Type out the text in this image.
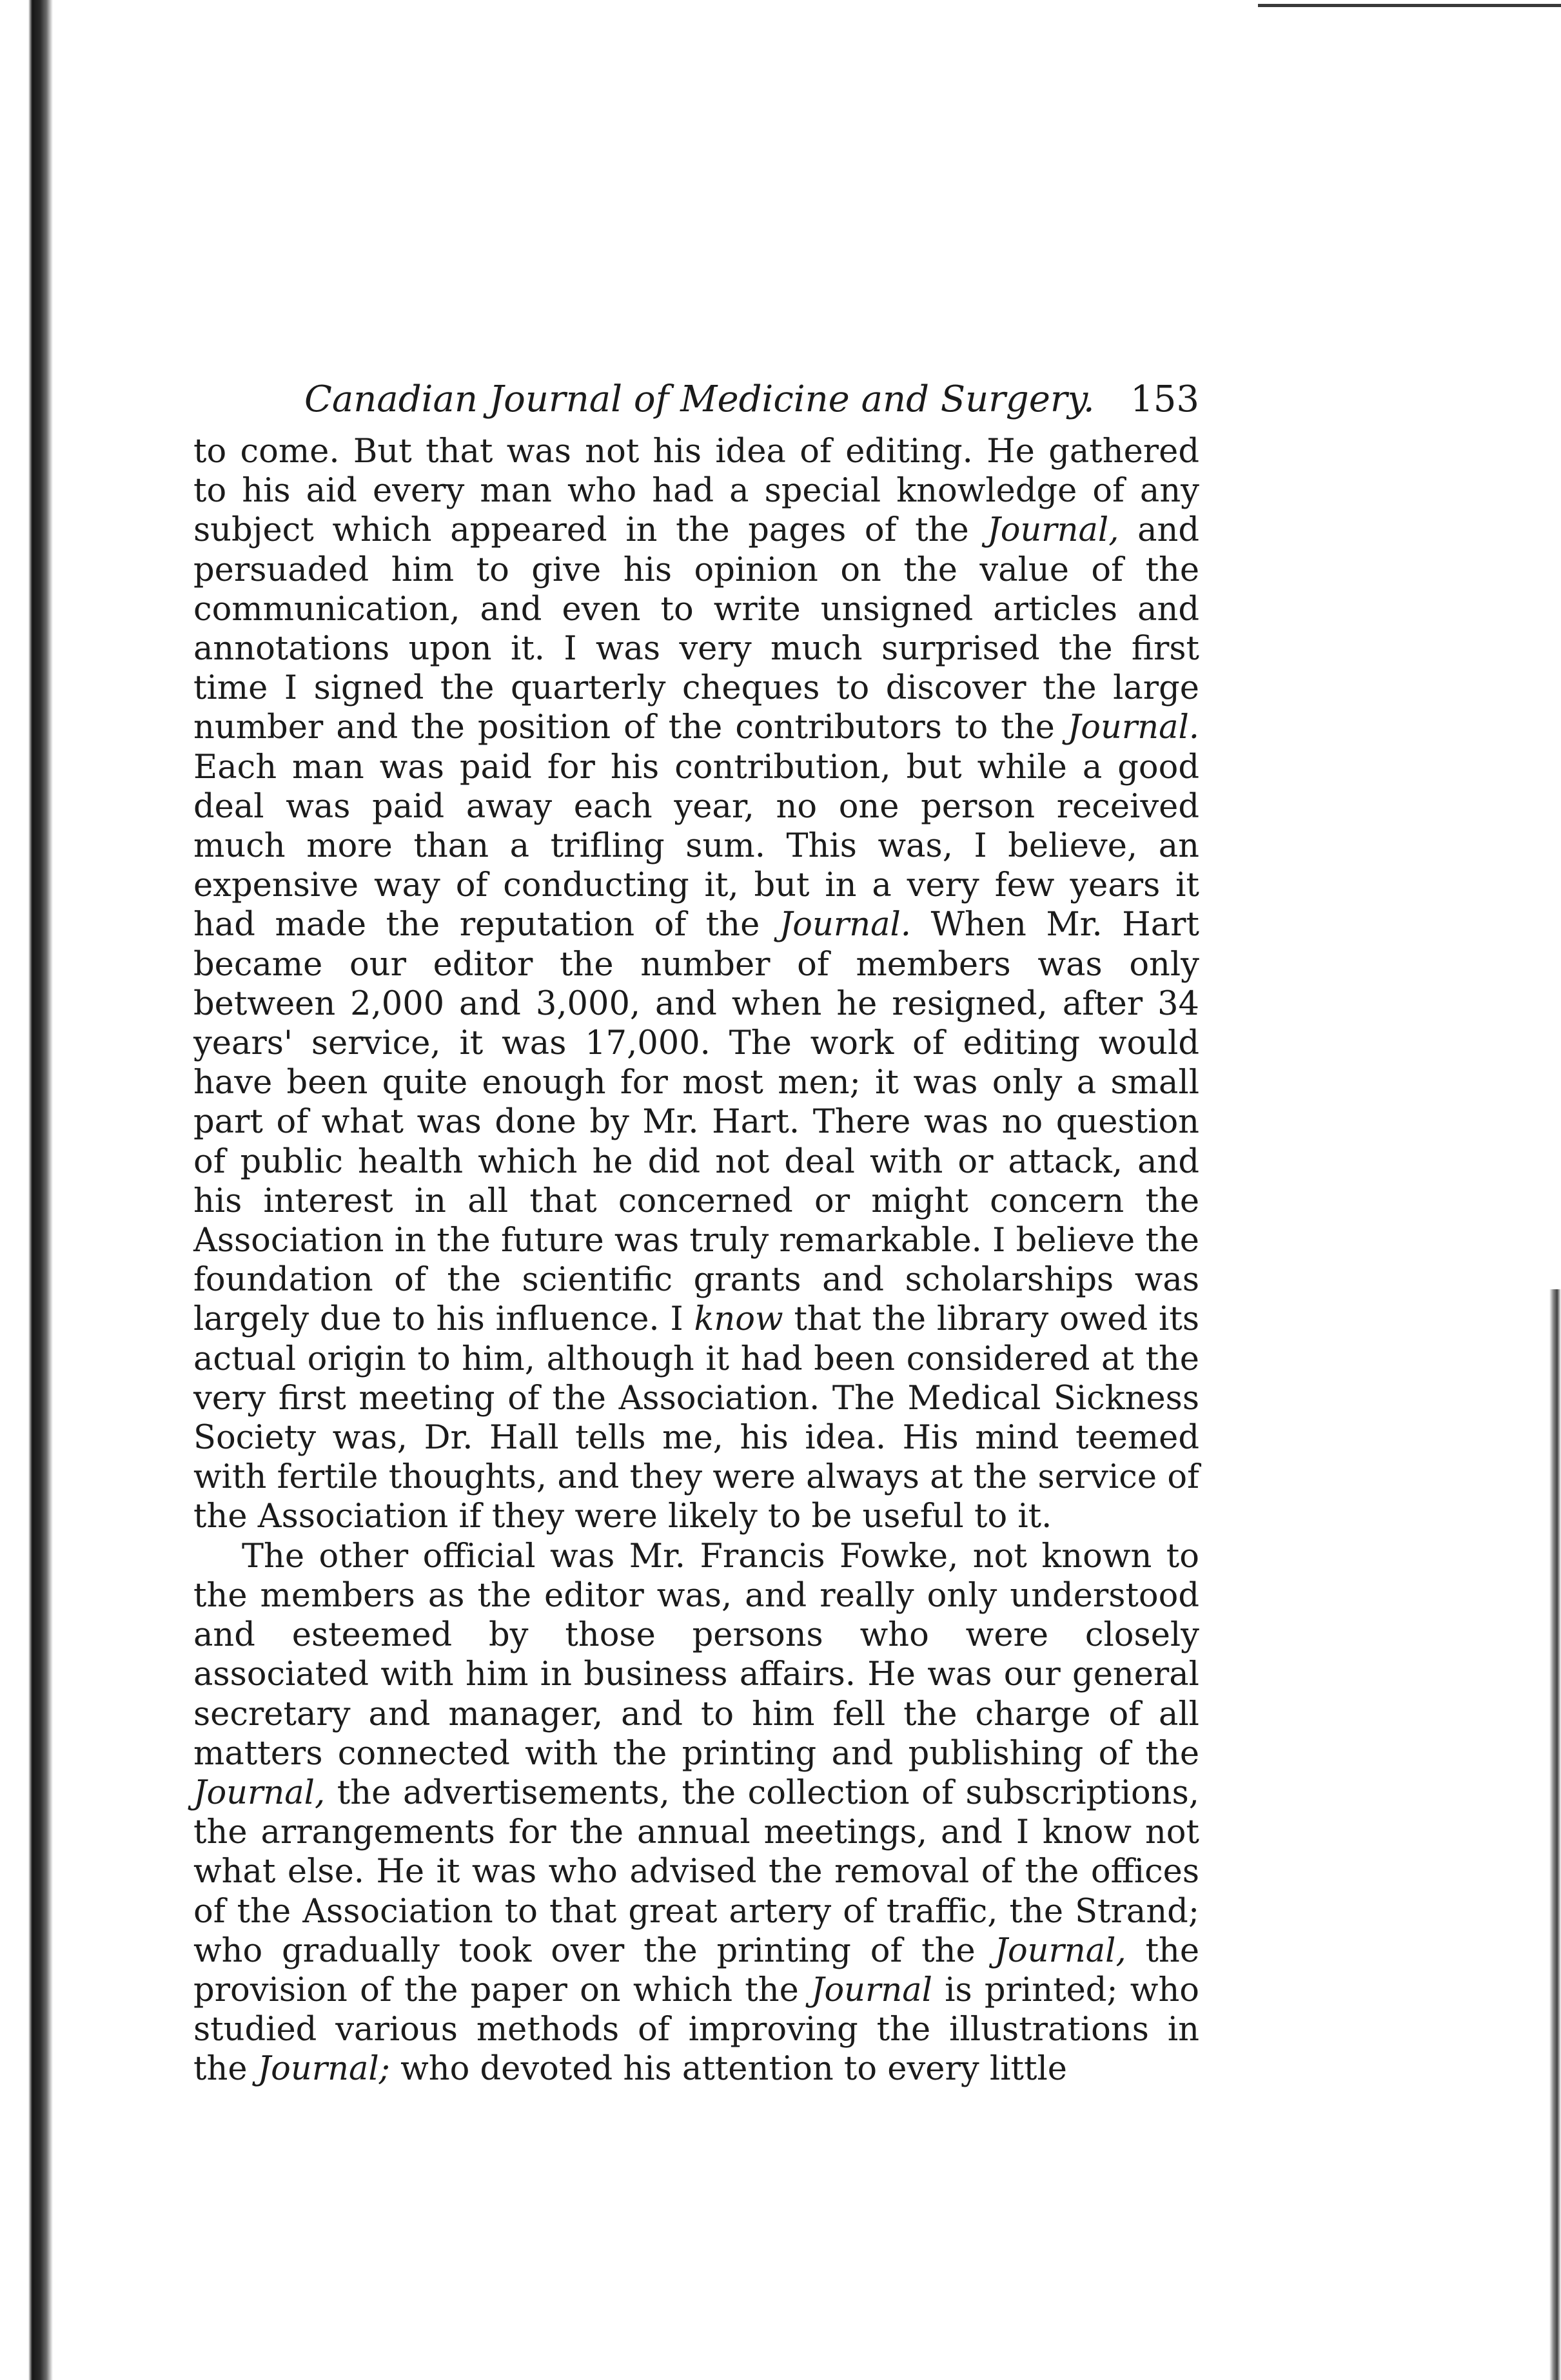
Canadian Journal of Medicine and Surgery. 153

to come. But that was not his idea of editing. He gathered to his aid every man who had a special knowledge of any subject which appeared in the pages of the Journal, and persuaded him to give his opinion on the value of the communication, and even to write unsigned articles and annotations upon it. I was very much surprised the first time I signed the quarterly cheques to discover the large number and the position of the contributors to the Journal. Each man was paid for his contribution, but while a good deal was paid away each year, no one person received much more than a trifling sum. This was, I believe, an expensive way of conducting it, but in a very few years it had made the reputation of the Journal. When Mr. Hart became our editor the number of members was only between 2,000 and 3,000, and when he resigned, after 34 years' service, it was 17,000. The work of editing would have been quite enough for most men; it was only a small part of what was done by Mr. Hart. There was no question of public health which he did not deal with or attack, and his interest in all that concerned or might concern the Association in the future was truly remarkable. I believe the foundation of the scientific grants and scholarships was largely due to his influence. I know that the library owed its actual origin to him, although it had been considered at the very first meeting of the Association. The Medical Sickness Society was, Dr. Hall tells me, his idea. His mind teemed with fertile thoughts, and they were always at the service of the Association if they were likely to be useful to it.

The other official was Mr. Francis Fowke, not known to the members as the editor was, and really only understood and esteemed by those persons who were closely associated with him in business affairs. He was our general secretary and manager, and to him fell the charge of all matters connected with the printing and publishing of the Journal, the advertisements, the collection of subscriptions, the arrangements for the annual meetings, and I know not what else. He it was who advised the removal of the offices of the Association to that great artery of traffic, the Strand; who gradually took over the printing of the Journal, the provision of the paper on which the Journal is printed; who studied various methods of improving the illustrations in the Journal; who devoted his attention to every little
